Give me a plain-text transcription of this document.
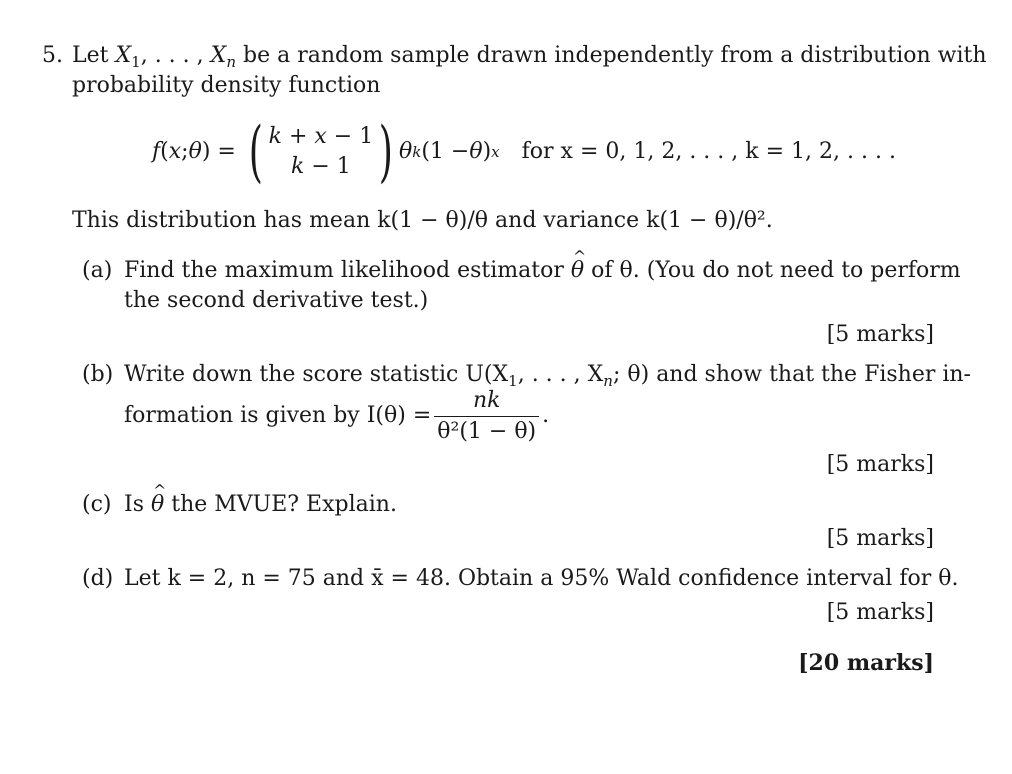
5. Let $X_1$, . . . , $X_n$ be a random sample drawn independently from a distribution with
probability density function
f ( x ; θ ) = ( k + x − 1
k − 1 ) θ k (1 − θ ) x for x = 0, 1, 2, . . . , k = 1, 2, . . . .
This distribution has mean k(1 − θ)/θ and variance k(1 − θ)/θ².
(a) Find the maximum likelihood estimator ^ θ of θ. (You do not need to perform
the second derivative test.)
[5 marks]
(b) Write down the score statistic $U(X_1$, . . . , $X_n$; θ) and show that the Fisher in-
formation is given by $I(\theta) = \frac{nk}{\text{θ²(1 − θ)}}$ .
[5 marks]
(c) Is ^ θ the MVUE? Explain.
[5 marks]
(d) Let k = 2, n = 75 and x̄ = 48. Obtain a 95% Wald confidence interval for θ.
[5 marks]
[20 marks]
